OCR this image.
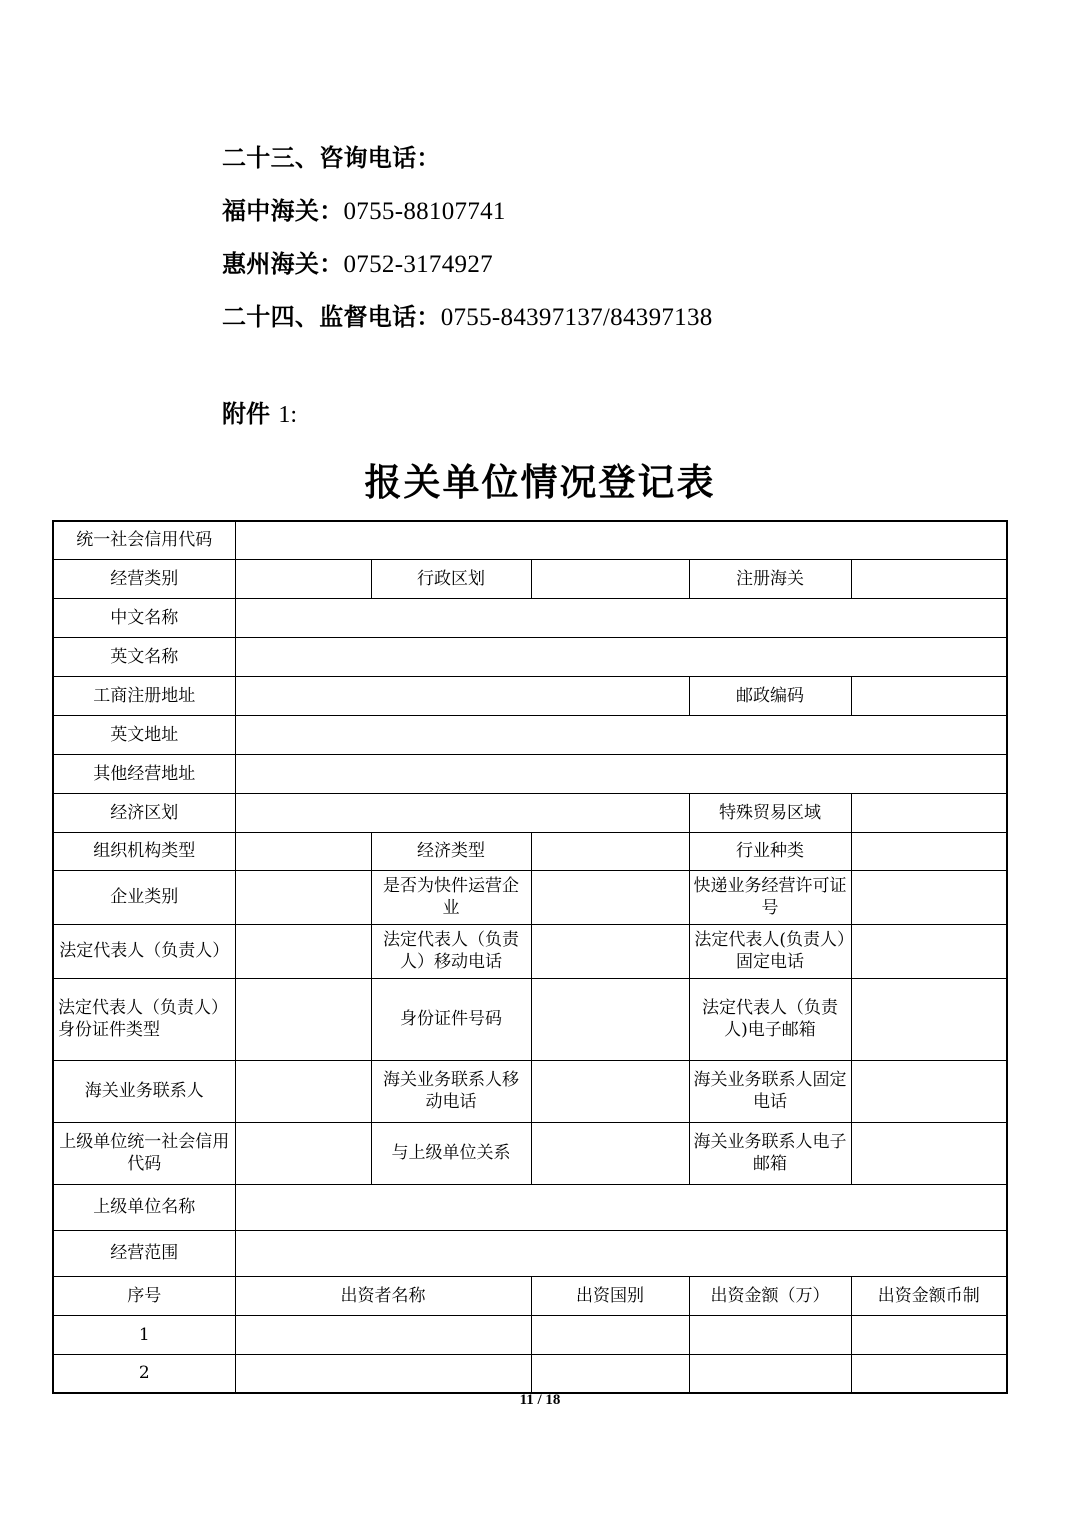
二十三、咨询电话：
福中海关：0755-88107741
惠州海关：0752-3174927
二十四、监督电话：0755-84397137/84397138
附件 1:
报关单位情况登记表
统一社会信用代码					
经营类别		行政区划		注册海关	
中文名称					
英文名称					
工商注册地址				邮政编码	
英文地址					
其他经营地址					
经济区划				特殊贸易区域	
组织机构类型		经济类型		行业种类	
企业类别		是否为快件运营企业		快递业务经营许可证号	
法定代表人（负责人）		法定代表人（负责人）移动电话		法定代表人(负责人）固定电话	
法定代表人（负责人）身份证件类型		身份证件号码		法定代表人（负责人)电子邮箱	
海关业务联系人		海关业务联系人移动电话		海关业务联系人固定电话	
上级单位统一社会信用代码		与上级单位关系		海关业务联系人电子邮箱	
上级单位名称					
经营范围					
序号	出资者名称		出资国别	出资金额（万）	出资金额币制
1					
2					
11 / 18
